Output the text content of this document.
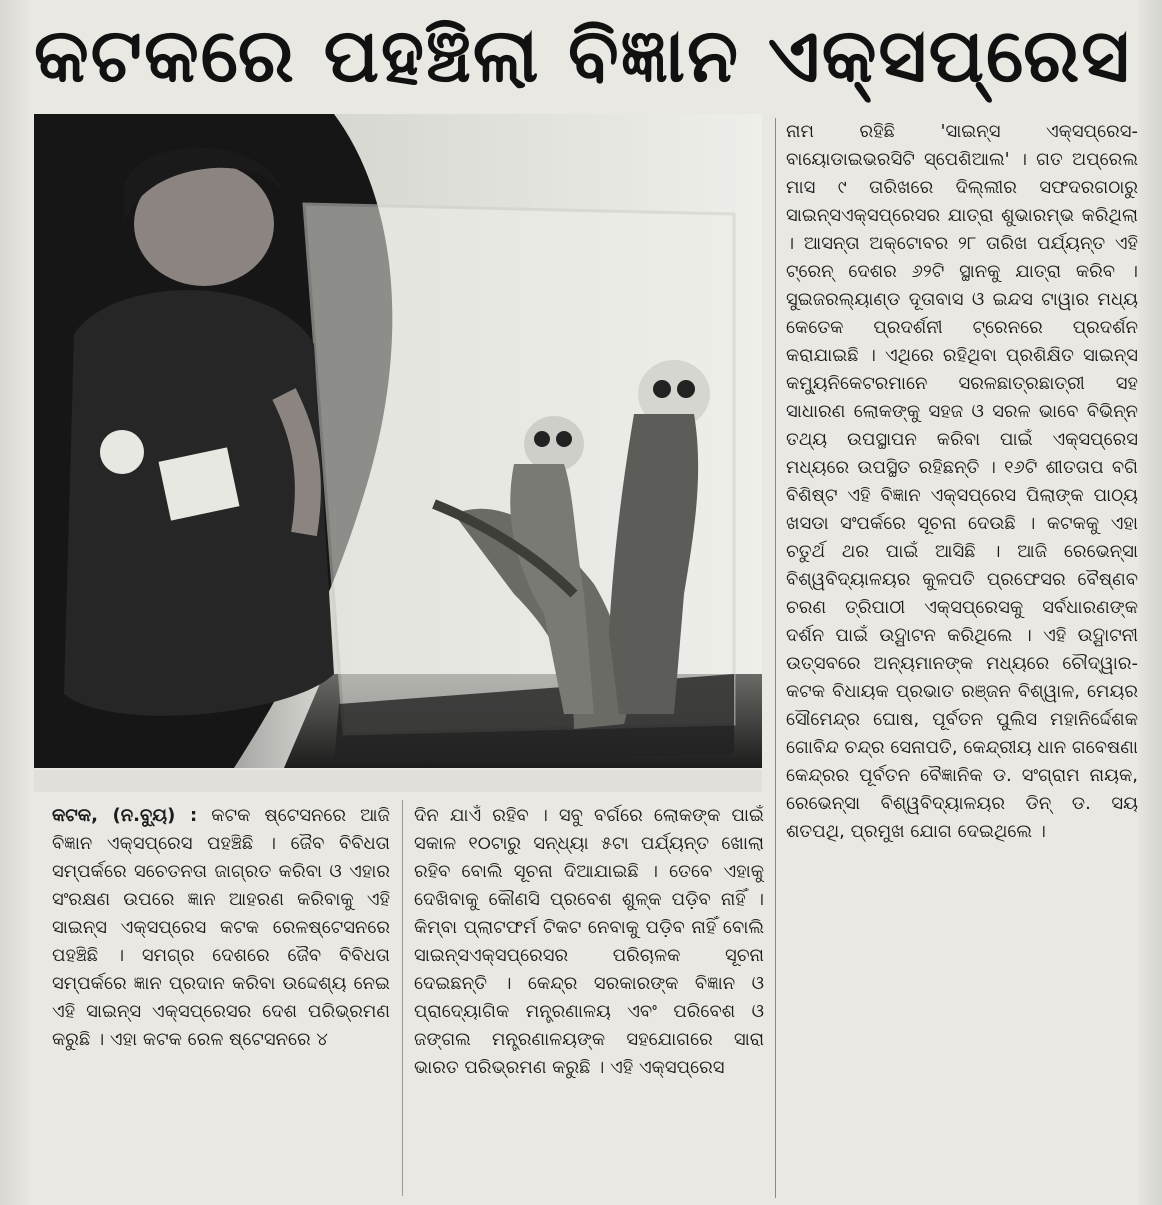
କଟକରେ ପହଞ୍ଚିଲା ବିଜ୍ଞାନ ଏକ୍ସପ୍ରେସ
ନାମ ରହିଛି 'ସାଇନ୍ସ ଏକ୍ସପ୍ରେସ-ବାୟୋଡାଇଭରସିଟି ସ୍ପେଶିଆଲ' । ଗତ ଅପ୍ରେଲ ମାସ ୯ ତାରିଖରେ ଦିଲ୍ଲୀର ସଫଦରଗଠାରୁ ସାଇନ୍ସଏକ୍ସପ୍ରେସର ଯାତ୍ରା ଶୁଭାରମ୍ଭ କରିଥିଲା । ଆସନ୍ତା ଅକ୍ଟୋବର ୨୮ ତାରିଖ ପର୍ଯ୍ୟନ୍ତ ଏହି ଟ୍ରେନ୍ ଦେଶର ୬୨ଟି ସ୍ଥାନକୁ ଯାତ୍ରା କରିବ । ସୁଇଜରଲ୍ୟାଣ୍ଡ ଦୂତାବାସ ଓ ଇନ୍ଦସ ଟାୱାର ମଧ୍ୟ କେତେକ ପ୍ରଦର୍ଶନୀ ଟ୍ରେନରେ ପ୍ରଦର୍ଶନ କରାଯାଇଛି । ଏଥିରେ ରହିଥିବା ପ୍ରଶିକ୍ଷିତ ସାଇନ୍ସ କମ୍ୟୁନିକେଟରମାନେ ସରଳଛାତ୍ରଛାତ୍ରୀ ସହ ସାଧାରଣ ଲୋକଙ୍କୁ ସହଜ ଓ ସରଳ ଭାବେ ବିଭିନ୍ନ ତଥ୍ୟ ଉପସ୍ଥାପନ କରିବା ପାଇଁ ଏକ୍ସପ୍ରେସ ମଧ୍ୟରେ ଉପସ୍ଥିତ ରହିଛନ୍ତି । ୧୬ଟି ଶୀତତାପ ବଗି ବିଶିଷ୍ଟ ଏହି ବିଜ୍ଞାନ ଏକ୍ସପ୍ରେସ ପିଲାଙ୍କ ପାଠ୍ୟ ଖସଡା ସଂପର୍କରେ ସୂଚନା ଦେଉଛି । କଟକକୁ ଏହା ଚତୁର୍ଥ ଥର ପାଇଁ ଆସିଛି । ଆଜି ରେଭେନ୍ସା ବିଶ୍ୱବିଦ୍ୟାଳୟର କୁଳପତି ପ୍ରଫେସର ବୈଷ୍ଣବ ଚରଣ ତ୍ରିପାଠୀ ଏକ୍ସପ୍ରେସକୁ ସର୍ବଧାରଣଙ୍କ ଦର୍ଶନ ପାଇଁ ଉଦ୍ଘାଟନ କରିଥିଲେ । ଏହି ଉଦ୍ଘାଟନୀ ଉତ୍ସବରେ ଅନ୍ୟମାନଙ୍କ ମଧ୍ୟରେ ଚୌଦ୍ୱାର-କଟକ ବିଧାୟକ ପ୍ରଭାତ ରଞ୍ଜନ ବିଶ୍ୱାଳ, ମେୟର ସୌମେନ୍ଦ୍ର ଘୋଷ, ପୂର୍ବତନ ପୁଲିସ ମହାନିର୍ଦ୍ଦେଶକ ଗୋବିନ୍ଦ ଚନ୍ଦ୍ର ସେନାପତି, କେନ୍ଦ୍ରୀୟ ଧାନ ଗବେଷଣା କେନ୍ଦ୍ରର ପୂର୍ବତନ ବୈଜ୍ଞାନିକ ଡ. ସଂଗ୍ରାମ ନାୟକ, ରେଭେନ୍ସା ବିଶ୍ୱବିଦ୍ୟାଳୟର ଡିନ୍ ଡ. ସୟ ଶତପଥି, ପ୍ରମୁଖ ଯୋଗ ଦେଇଥିଲେ ।
କଟକ, (ନ.ବ୍ୟୁ) : କଟକ ଷ୍ଟେସନରେ ଆଜି ବିଜ୍ଞାନ ଏକ୍ସପ୍ରେସ ପହଞ୍ଚିଛି । ଜୈବ ବିବିଧତା ସମ୍ପର୍କରେ ସଚେତନତା ଜାଗ୍ରତ କରିବା ଓ ଏହାର ସଂରକ୍ଷଣ ଉପରେ ଜ୍ଞାନ ଆହରଣ କରିବାକୁ ଏହି ସାଇନ୍ସ ଏକ୍ସପ୍ରେସ କଟକ ରେଳଷ୍ଟେସନରେ ପହଞ୍ଚିଛି । ସମଗ୍ର ଦେଶରେ ଜୈବ ବିବିଧତା ସମ୍ପର୍କରେ ଜ୍ଞାନ ପ୍ରଦାନ କରିବା ଉଦ୍ଦେଶ୍ୟ ନେଇ ଏହି ସାଇନ୍ସ ଏକ୍ସପ୍ରେସର ଦେଶ ପରିଭ୍ରମଣ କରୁଛି । ଏହା କଟକ ରେଳ ଷ୍ଟେସନରେ ୪
ଦିନ ଯାଏଁ ରହିବ । ସବୁ ବର୍ଗରେ ଲୋକଙ୍କ ପାଇଁ ସକାଳ ୧୦ଟାରୁ ସନ୍ଧ୍ୟା ୫ଟା ପର୍ଯ୍ୟନ୍ତ ଖୋଲା ରହିବ ବୋଲି ସୂଚନା ଦିଆଯାଇଛି । ତେବେ ଏହାକୁ ଦେଖିବାକୁ କୌଣସି ପ୍ରବେଶ ଶୁଳ୍କ ପଡ଼ିବ ନାହିଁ । କିମ୍ବା ପ୍ଲାଟଫର୍ମ ଟିକଟ ନେବାକୁ ପଡ଼ିବ ନାହିଁ ବୋଲି ସାଇନ୍ସଏକ୍ସପ୍ରେସର ପରିଚାଳକ ସୂଚନା ଦେଇଛନ୍ତି । କେନ୍ଦ୍ର ସରକାରଙ୍କ ବିଜ୍ଞାନ ଓ ପ୍ରାଦ୍ୟୋଗିକ ମନ୍ତ୍ରଣାଳୟ ଏବଂ ପରିବେଶ ଓ ଜଙ୍ଗଲ ମନ୍ତ୍ରଣାଳୟଙ୍କ ସହଯୋଗରେ ସାରା ଭାରତ ପରିଭ୍ରମଣ କରୁଛି । ଏହି ଏକ୍ସପ୍ରେସ
